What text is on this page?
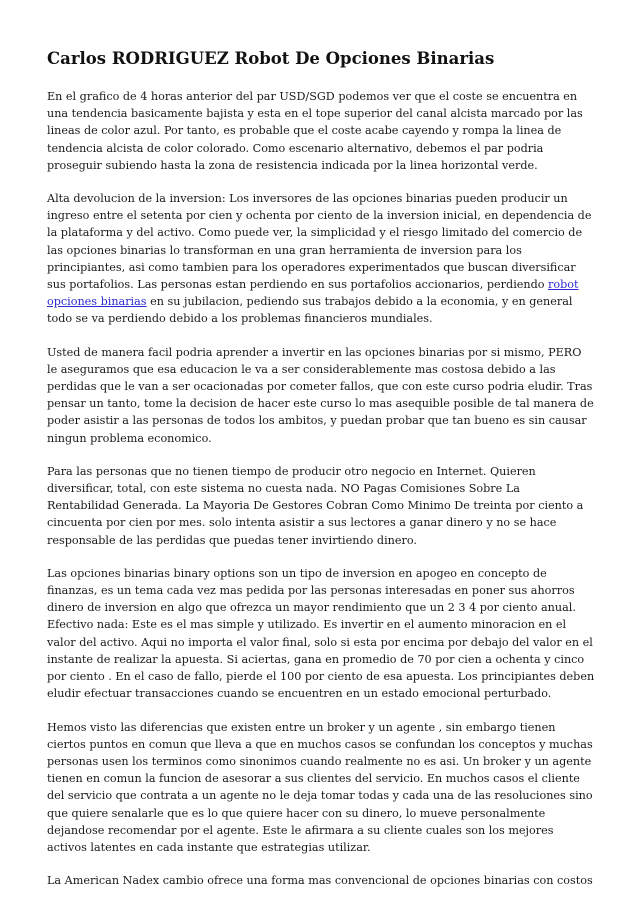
Carlos RODRIGUEZ Robot De Opciones Binarias

En el grafico de 4 horas anterior del par USD/SGD podemos ver que el coste se encuentra en una tendencia basicamente bajista y esta en el tope superior del canal alcista marcado por las lineas de color azul. Por tanto, es probable que el coste acabe cayendo y rompa la linea de tendencia alcista de color colorado. Como escenario alternativo, debemos el par podria proseguir subiendo hasta la zona de resistencia indicada por la linea horizontal verde.

Alta devolucion de la inversion: Los inversores de las opciones binarias pueden producir un ingreso entre el setenta por cien y ochenta por ciento de la inversion inicial, en dependencia de la plataforma y del activo. Como puede ver, la simplicidad y el riesgo limitado del comercio de las opciones binarias lo transforman en una gran herramienta de inversion para los principiantes, asi como tambien para los operadores experimentados que buscan diversificar sus portafolios. Las personas estan perdiendo en sus portafolios accionarios, perdiendo robot opciones binarias en su jubilacion, pediendo sus trabajos debido a la economia, y en general todo se va perdiendo debido a los problemas financieros mundiales.

Usted de manera facil podria aprender a invertir en las opciones binarias por si mismo, PERO le aseguramos que esa educacion le va a ser considerablemente mas costosa debido a las perdidas que le van a ser ocacionadas por cometer fallos, que con este curso podria eludir. Tras pensar un tanto, tome la decision de hacer este curso lo mas asequible posible de tal manera de poder asistir a las personas de todos los ambitos, y puedan probar que tan bueno es sin causar ningun problema economico.

Para las personas que no tienen tiempo de producir otro negocio en Internet. Quieren diversificar, total, con este sistema no cuesta nada. NO Pagas Comisiones Sobre La Rentabilidad Generada. La Mayoria De Gestores Cobran Como Minimo De treinta por ciento a cincuenta por cien por mes. solo intenta asistir a sus lectores a ganar dinero y no se hace responsable de las perdidas que puedas tener invirtiendo dinero.

Las opciones binarias binary options son un tipo de inversion en apogeo en concepto de finanzas, es un tema cada vez mas pedida por las personas interesadas en poner sus ahorros dinero de inversion en algo que ofrezca un mayor rendimiento que un 2 3 4 por ciento anual. Efectivo nada: Este es el mas simple y utilizado. Es invertir en el aumento minoracion en el valor del activo. Aqui no importa el valor final, solo si esta por encima por debajo del valor en el instante de realizar la apuesta. Si aciertas, gana en promedio de 70 por cien a ochenta y cinco por ciento . En el caso de fallo, pierde el 100 por ciento de esa apuesta. Los principiantes deben eludir efectuar transacciones cuando se encuentren en un estado emocional perturbado.

Hemos visto las diferencias que existen entre un broker y un agente , sin embargo tienen ciertos puntos en comun que lleva a que en muchos casos se confundan los conceptos y muchas personas usen los terminos como sinonimos cuando realmente no es asi. Un broker y un agente tienen en comun la funcion de asesorar a sus clientes del servicio. En muchos casos el cliente del servicio que contrata a un agente no le deja tomar todas y cada una de las resoluciones sino que quiere senalarle que es lo que quiere hacer con su dinero, lo mueve personalmente dejandose recomendar por el agente. Este le afirmara a su cliente cuales son los mejores activos latentes en cada instante que estrategias utilizar.

La American Nadex cambio ofrece una forma mas convencional de opciones binarias con costos
